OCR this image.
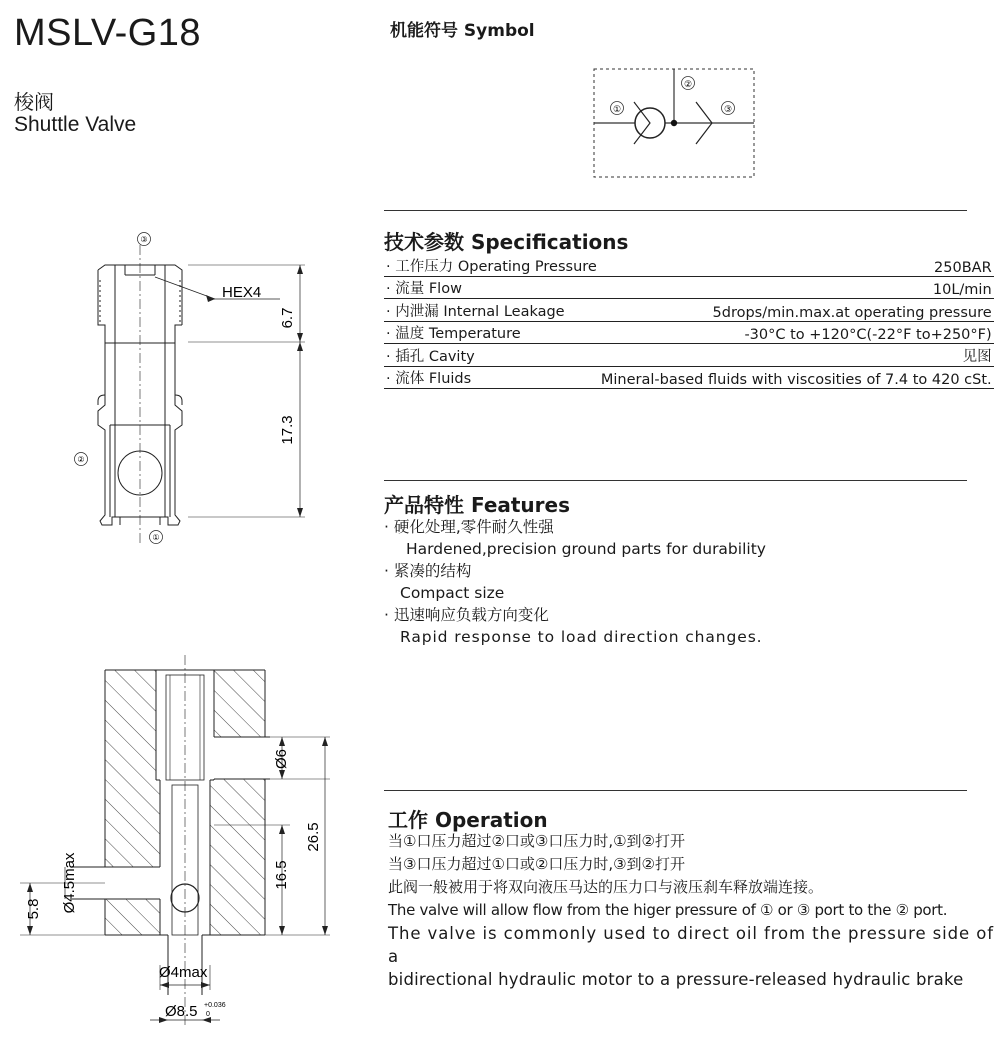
MSLV-G18
梭阀
Shuttle Valve
机能符号 Symbol
①
②
③
技术参数 Specifications
· 工作压力 Operating Pressure	250BAR
· 流量 Flow	10L/min
· 内泄漏 Internal Leakage	5drops/min.max.at operating pressure
· 温度 Temperature	-30°C to +120°C(-22°F to+250°F)
· 插孔 Cavity	见图
· 流体 Fluids	Mineral-based fluids with viscosities of 7.4 to 420 cSt.
产品特性 Features
· 硬化处理,零件耐久性强
Hardened,precision ground parts for durability
· 紧凑的结构
Compact size
· 迅速响应负载方向变化
Rapid response to load direction changes.
工作 Operation
当①口压力超过②口或③口压力时,①到②打开
当③口压力超过①口或②口压力时,③到②打开
此阀一般被用于将双向液压马达的压力口与液压刹车释放端连接。
The valve will allow flow from the higer pressure of ① or ③ port to the ② port.
The valve is commonly used to direct oil from the pressure side of a
bidirectional hydraulic motor to a pressure-released hydraulic brake
③
②
①
HEX4
6.7
17.3
Ø6
26.5
16.5
5.8 Ø4.5max
Ø4max
Ø8.5 +0.036
0
